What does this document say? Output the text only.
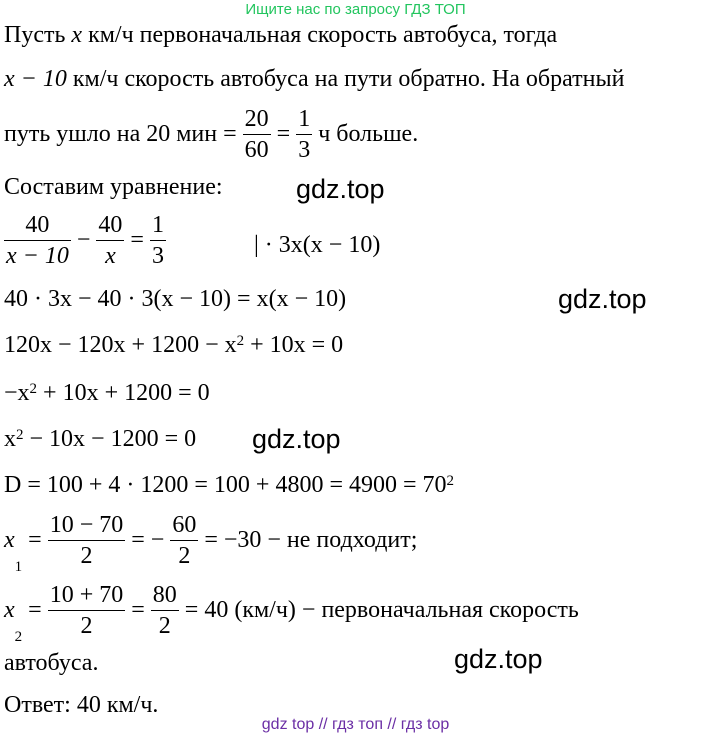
Ищите нас по запросу ГДЗ ТОП
Пусть x км/ч первоначальная скорость автобуса, тогда
x − 10 км/ч скорость автобуса на пути обратно. На обратный
путь ушло на 20 мин = $\frac{20}{60} = \frac{1}{3}$ ч больше.
Составим уравнение:
$\frac{40}{x - 10} - \frac{40}{x} = \frac{1}{3}$	| · 3x(x − 10)
40 · 3x − 40 · 3(x − 10) = x(x − 10)
$120x - 120x + 1200 - x^2 + 10x = 0$
$-x^2 + 10x + 1200 = 0$
$x^2 - 10x - 1200 = 0$
$D = 100 + 4 \cdot 1200 = 100 + 4800 = 4900 = 70^2$
$x_1 = \frac{10 - 70}{2}$ = − $\frac{60}{2} = -30$ − не подходит;
$x_2 = \frac{10 + 70}{2} = \frac{80}{2} = 40$ (км/ч) − первоначальная скорость
автобуса.
Ответ: 40 км/ч.
gdz.top
gdz.top
gdz.top
gdz.top
gdz top // гдз топ // гдз top
